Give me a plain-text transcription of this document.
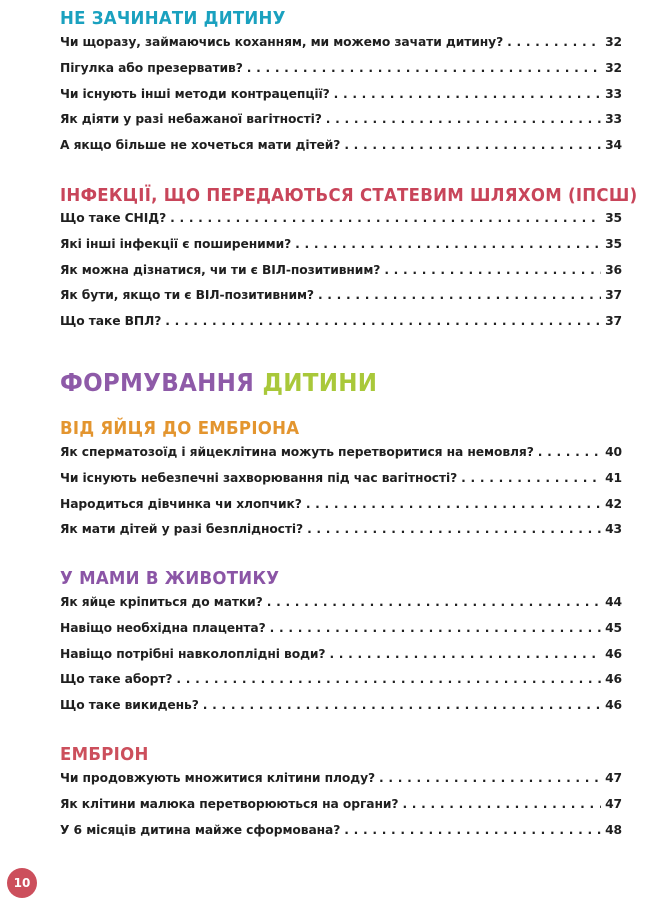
НЕ ЗАЧИНАТИ ДИТИНУ
Чи щоразу, займаючись коханням, ми можемо зачати дитину? . . .	32
Пігулка або презерватив? . . .	32
Чи існують інші методи контрацепції? . . .	33
Як діяти у разі небажаної вагітності? . . .	33
А якщо більше не хочеться мати дітей? . . .	34
ІНФЕКЦІЇ, ЩО ПЕРЕДАЮТЬСЯ СТАТЕВИМ ШЛЯХОМ (ІПСШ)
Що таке СНІД? . . .	35
Які інші інфекції є поширеними? . . .	35
Як можна дізнатися, чи ти є ВІЛ-позитивним? . . .	36
Як бути, якщо ти є ВІЛ-позитивним? . . .	37
Що таке ВПЛ? . . .	37
ФОРМУВАННЯ ДИТИНИ
ВІД ЯЙЦЯ ДО ЕМБРІОНА
Як сперматозоїд і яйцеклітина можуть перетворитися на немовля? . . .	40
Чи існують небезпечні захворювання під час вагітності? . . .	41
Народиться дівчинка чи хлопчик? . . .	42
Як мати дітей у разі безплідності? . . .	43
У МАМИ В ЖИВОТИКУ
Як яйце кріпиться до матки? . . .	44
Навіщо необхідна плацента? . . .	45
Навіщо потрібні навколоплідні води? . . .	46
Що таке аборт? . . .	46
Що таке викидень? . . .	46
ЕМБРІОН
Чи продовжують множитися клітини плоду? . . .	47
Як клітини малюка перетворюються на органи? . . .	47
У 6 місяців дитина майже сформована? . . .	48
10
